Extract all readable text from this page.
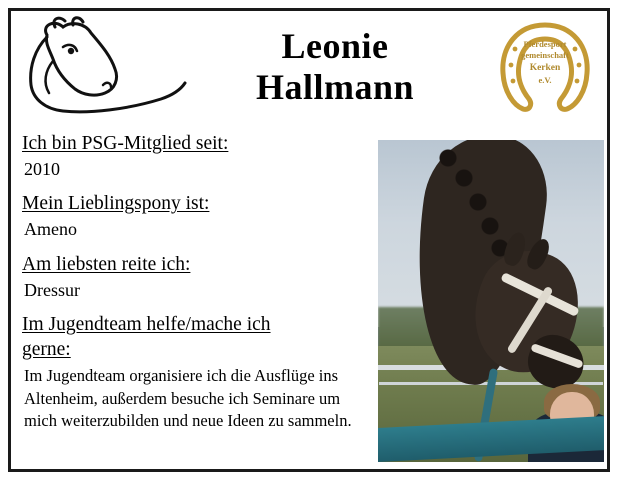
Leonie
Hallmann
Pferdesport
gemeinschaft
Kerken
e.V.

Ich bin PSG-Mitglied seit:

2010

Mein Lieblingspony ist:

Ameno

Am liebsten reite ich:

Dressur

Im Jugendteam helfe/mache ich

gerne:

Im Jugendteam organisiere ich die Ausflüge ins Altenheim, außerdem besuche ich Seminare um mich weiterzubilden und neue Ideen zu sammeln.
